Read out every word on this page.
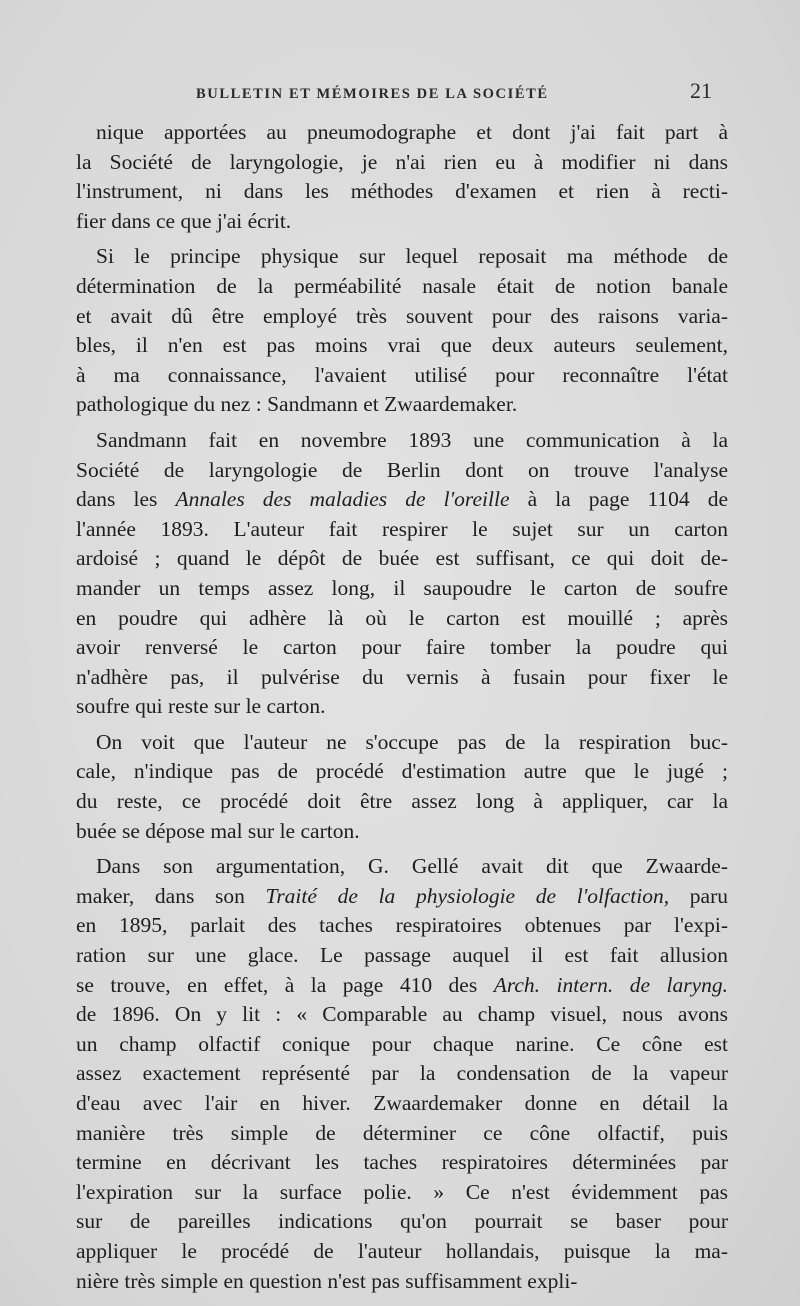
BULLETIN ET MÉMOIRES DE LA SOCIÉTÉ	21
nique apportées au pneumodographe et dont j'ai fait part à
la Société de laryngologie, je n'ai rien eu à modifier ni dans
l'instrument, ni dans les méthodes d'examen et rien à recti-
fier dans ce que j'ai écrit.
Si le principe physique sur lequel reposait ma méthode de
détermination de la perméabilité nasale était de notion banale
et avait dû être employé très souvent pour des raisons varia-
bles, il n'en est pas moins vrai que deux auteurs seulement,
à ma connaissance, l'avaient utilisé pour reconnaître l'état
pathologique du nez : Sandmann et Zwaardemaker.
Sandmann fait en novembre 1893 une communication à la
Société de laryngologie de Berlin dont on trouve l'analyse
dans les Annales des maladies de l'oreille à la page 1104 de
l'année 1893. L'auteur fait respirer le sujet sur un carton
ardoisé ; quand le dépôt de buée est suffisant, ce qui doit de-
mander un temps assez long, il saupoudre le carton de soufre
en poudre qui adhère là où le carton est mouillé ; après
avoir renversé le carton pour faire tomber la poudre qui
n'adhère pas, il pulvérise du vernis à fusain pour fixer le
soufre qui reste sur le carton.
On voit que l'auteur ne s'occupe pas de la respiration buc-
cale, n'indique pas de procédé d'estimation autre que le jugé ;
du reste, ce procédé doit être assez long à appliquer, car la
buée se dépose mal sur le carton.
Dans son argumentation, G. Gellé avait dit que Zwaarde-
maker, dans son Traité de la physiologie de l'olfaction, paru
en 1895, parlait des taches respiratoires obtenues par l'expi-
ration sur une glace. Le passage auquel il est fait allusion
se trouve, en effet, à la page 410 des Arch. intern. de laryng.
de 1896. On y lit : « Comparable au champ visuel, nous avons
un champ olfactif conique pour chaque narine. Ce cône est
assez exactement représenté par la condensation de la vapeur
d'eau avec l'air en hiver. Zwaardemaker donne en détail la
manière très simple de déterminer ce cône olfactif, puis
termine en décrivant les taches respiratoires déterminées par
l'expiration sur la surface polie. » Ce n'est évidemment pas
sur de pareilles indications qu'on pourrait se baser pour
appliquer le procédé de l'auteur hollandais, puisque la ma-
nière très simple en question n'est pas suffisamment expli-
